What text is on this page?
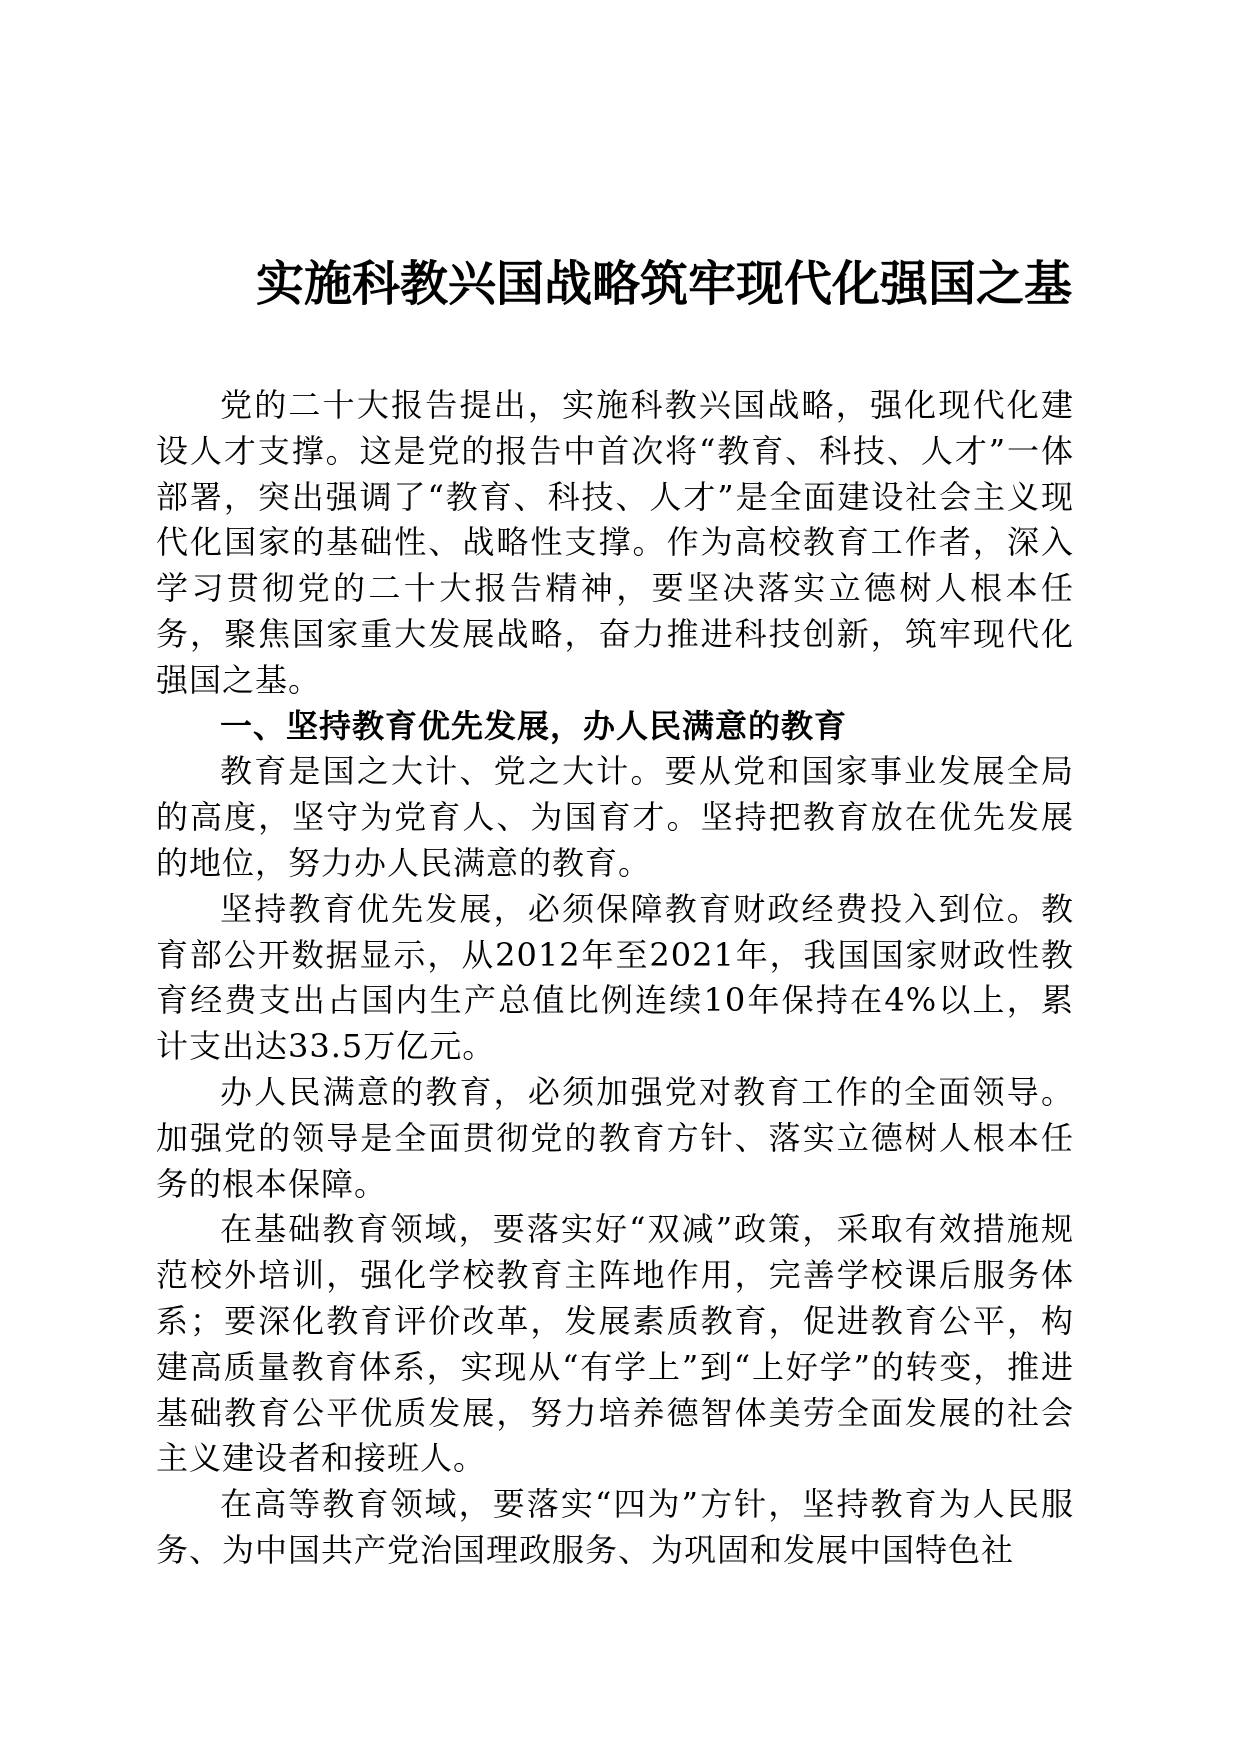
实施科教兴国战略筑牢现代化强国之基

党的二十大报告提出，实施科教兴国战略，强化现代化建设人才支撑。这是党的报告中首次将“教育、科技、人才”一体部署，突出强调了“教育、科技、人才”是全面建设社会主义现代化国家的基础性、战略性支撑。作为高校教育工作者，深入学习贯彻党的二十大报告精神，要坚决落实立德树人根本任务，聚焦国家重大发展战略，奋力推进科技创新，筑牢现代化强国之基。

一、坚持教育优先发展，办人民满意的教育

教育是国之大计、党之大计。要从党和国家事业发展全局的高度，坚守为党育人、为国育才。坚持把教育放在优先发展的地位，努力办人民满意的教育。

坚持教育优先发展，必须保障教育财政经费投入到位。教育部公开数据显示，从2012年至2021年，我国国家财政性教育经费支出占国内生产总值比例连续10年保持在4%以上，累计支出达33.5万亿元。

办人民满意的教育，必须加强党对教育工作的全面领导。加强党的领导是全面贯彻党的教育方针、落实立德树人根本任务的根本保障。

在基础教育领域，要落实好“双减”政策，采取有效措施规范校外培训，强化学校教育主阵地作用，完善学校课后服务体系；要深化教育评价改革，发展素质教育，促进教育公平，构建高质量教育体系，实现从“有学上”到“上好学”的转变，推进基础教育公平优质发展，努力培养德智体美劳全面发展的社会主义建设者和接班人。

在高等教育领域，要落实“四为”方针，坚持教育为人民服务、为中国共产党治国理政服务、为巩固和发展中国特色社
